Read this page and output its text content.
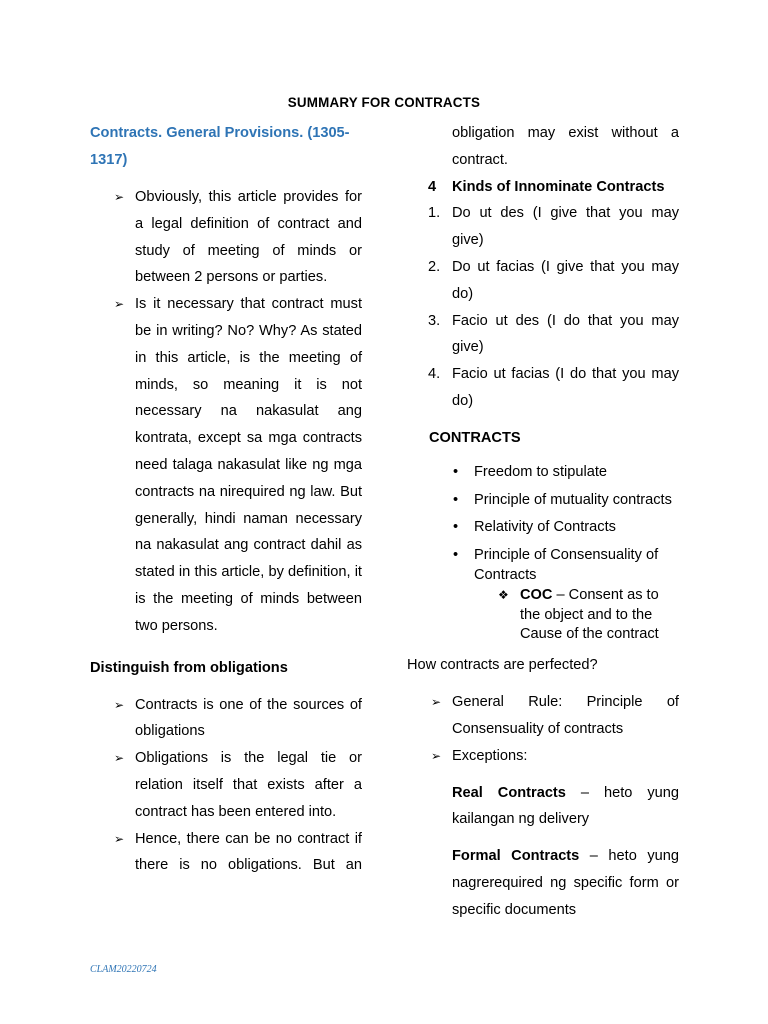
SUMMARY FOR CONTRACTS

Contracts. General Provisions. (1305-1317)

➢ Obviously, this article provides for a legal definition of contract and study of meeting of minds or between 2 persons or parties.
➢ Is it necessary that contract must be in writing? No? Why? As stated in this article, is the meeting of minds, so meaning it is not necessary na nakasulat ang kontrata, except sa mga contracts need talaga nakasulat like ng mga contracts na nirequired ng law. But generally, hindi naman necessary na nakasulat ang contract dahil as stated in this article, by definition, it is the meeting of minds between two persons.

Distinguish from obligations

➢ Contracts is one of the sources of obligations
➢ Obligations is the legal tie or relation itself that exists after a contract has been entered into.
➢ Hence, there can be no contract if there is no obligations. But an

obligation may exist without a contract.

4 Kinds of Innominate Contracts

1. Do ut des (I give that you may give)
2. Do ut facias (I give that you may do)
3. Facio ut des (I do that you may give)
4. Facio ut facias (I do that you may do)

CONTRACTS

• Freedom to stipulate
• Principle of mutuality contracts
• Relativity of Contracts
• Principle of Consensuality of Contracts
❖ COC – Consent as to the object and to the Cause of the contract

How contracts are perfected?

➢ General Rule: Principle of Consensuality of contracts
➢ Exceptions:

Real Contracts – heto yung kailangan ng delivery

Formal Contracts – heto yung nagrerequired ng specific form or specific documents

CLAM20220724
